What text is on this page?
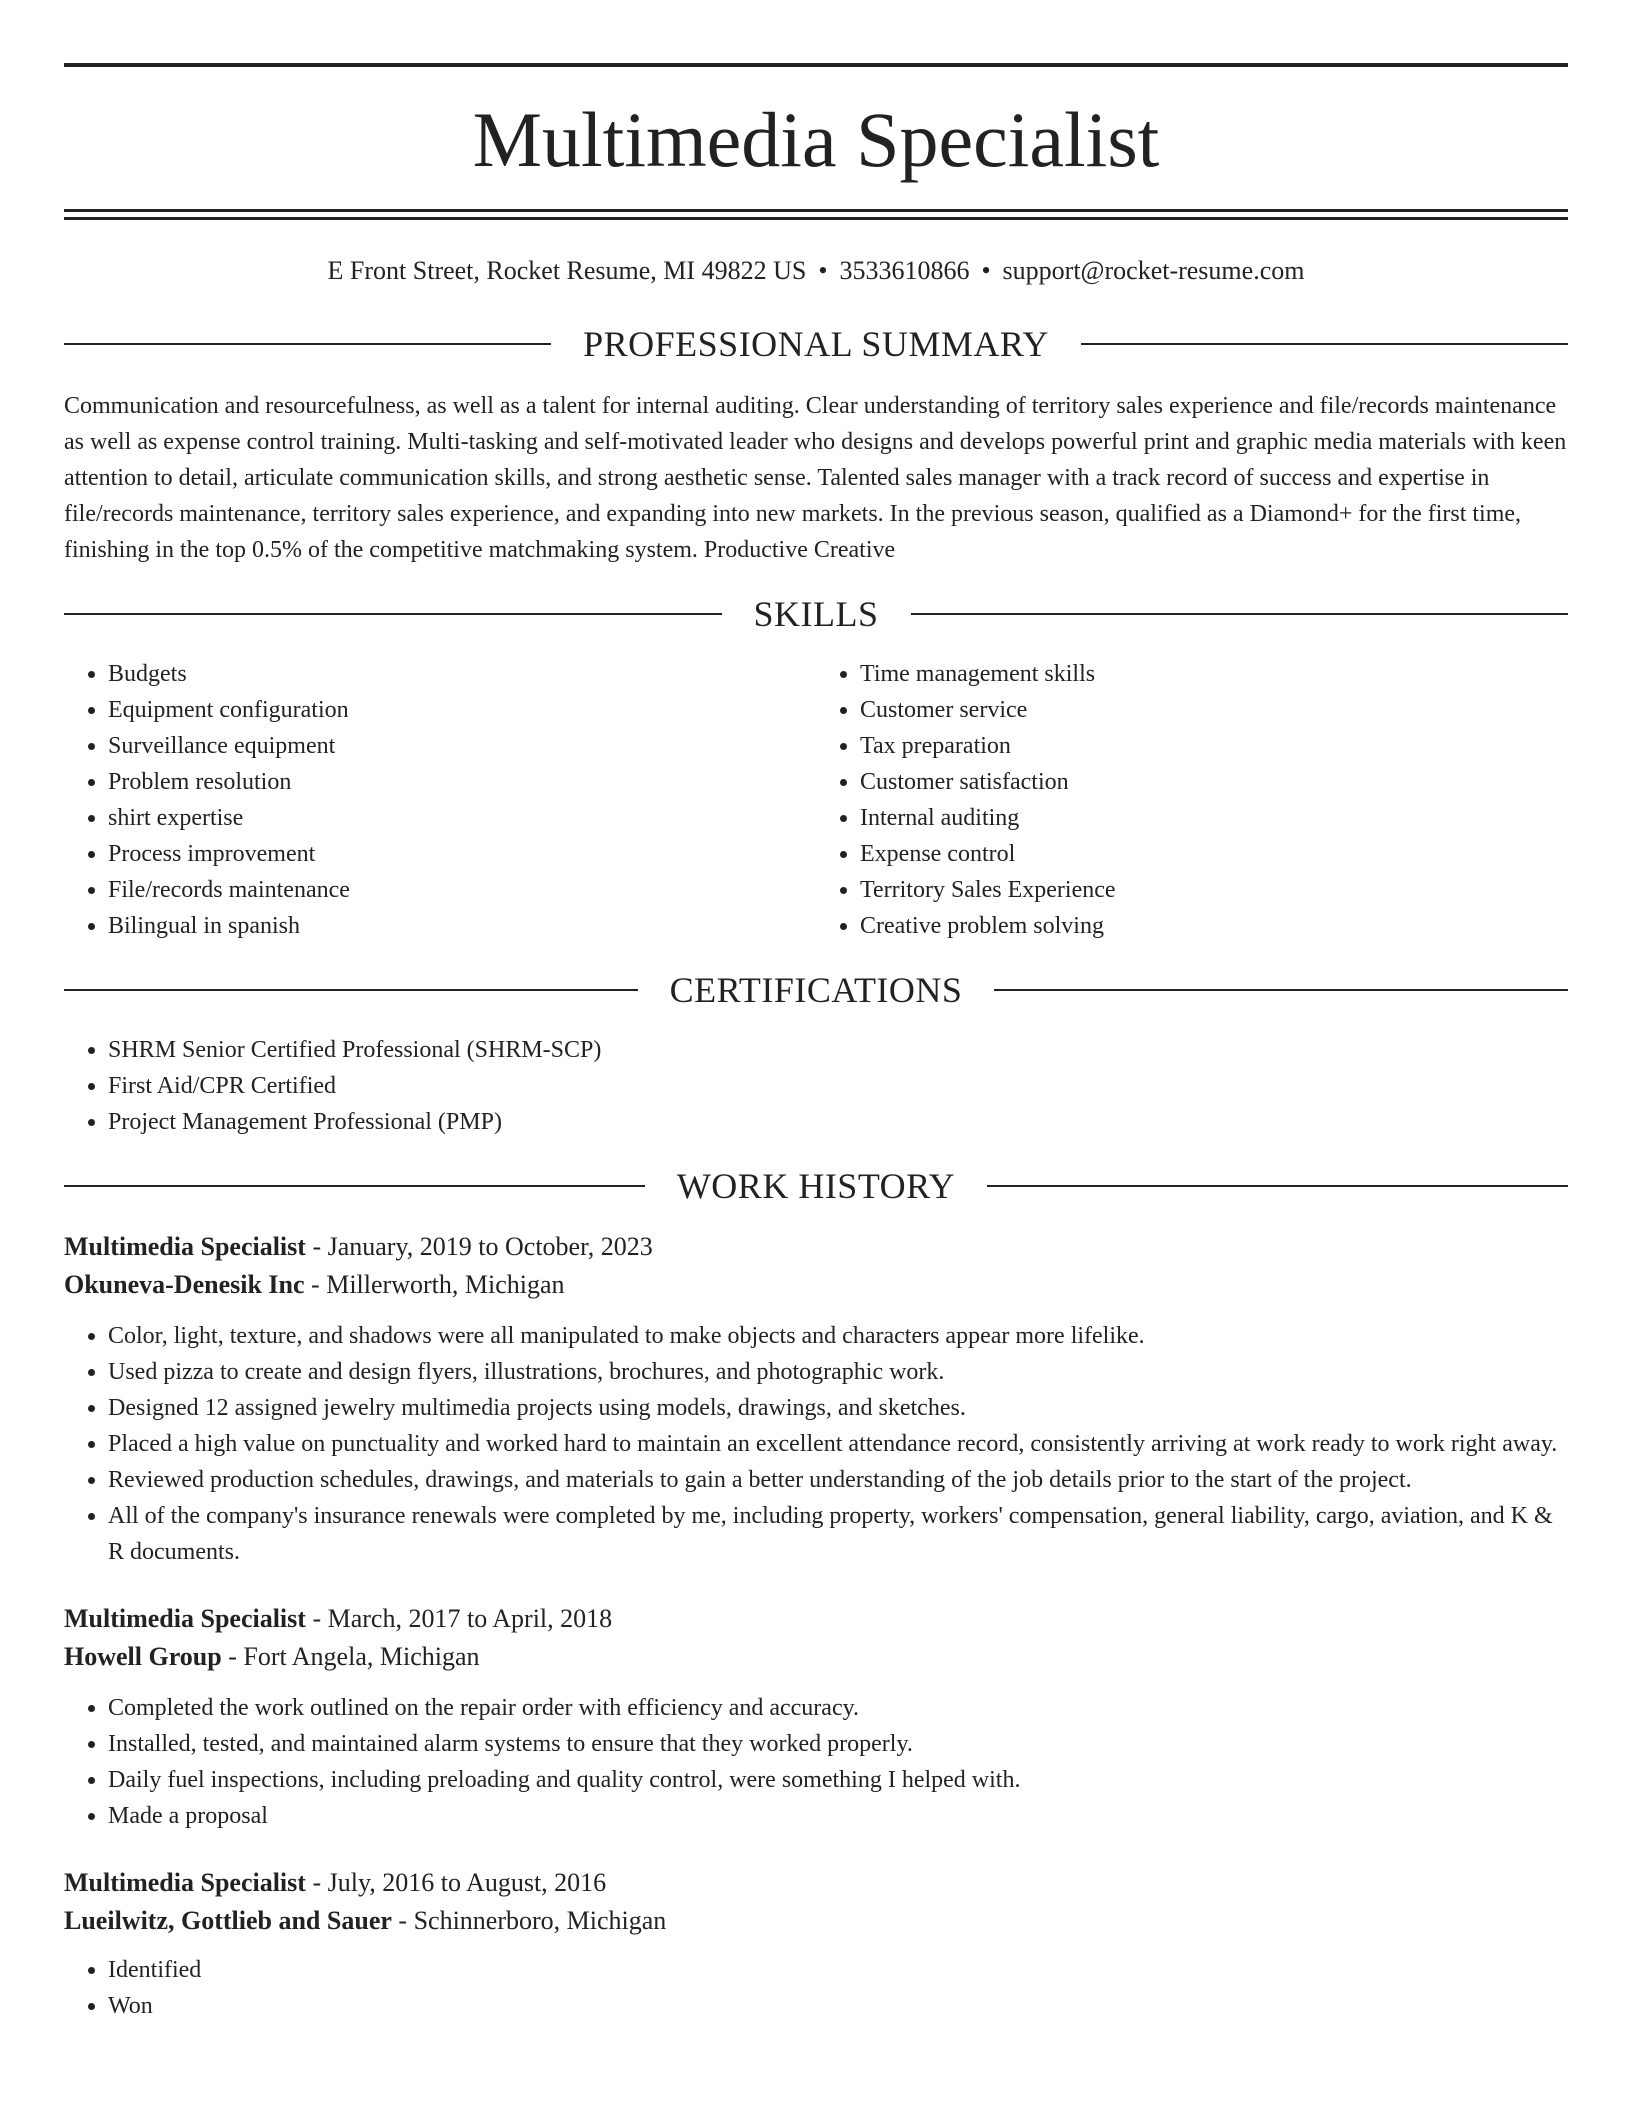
Multimedia Specialist
E Front Street, Rocket Resume, MI 49822 US • 3533610866 • support@rocket-resume.com
PROFESSIONAL SUMMARY

Communication and resourcefulness, as well as a talent for internal auditing. Clear understanding of territory sales experience and file/records maintenance as well as expense control training. Multi-tasking and self-motivated leader who designs and develops powerful print and graphic media materials with keen attention to detail, articulate communication skills, and strong aesthetic sense. Talented sales manager with a track record of success and expertise in file/records maintenance, territory sales experience, and expanding into new markets. In the previous season, qualified as a Diamond+ for the first time, finishing in the top 0.5% of the competitive matchmaking system. Productive Creative

SKILLS
• Budgets
• Equipment configuration
• Surveillance equipment
• Problem resolution
• shirt expertise
• Process improvement
• File/records maintenance
• Bilingual in spanish
• Time management skills
• Customer service
• Tax preparation
• Customer satisfaction
• Internal auditing
• Expense control
• Territory Sales Experience
• Creative problem solving
CERTIFICATIONS
• SHRM Senior Certified Professional (SHRM-SCP)
• First Aid/CPR Certified
• Project Management Professional (PMP)
WORK HISTORY
Multimedia Specialist - January, 2019 to October, 2023
Okuneva-Denesik Inc - Millerworth, Michigan
• Color, light, texture, and shadows were all manipulated to make objects and characters appear more lifelike.
• Used pizza to create and design flyers, illustrations, brochures, and photographic work.
• Designed 12 assigned jewelry multimedia projects using models, drawings, and sketches.
• Placed a high value on punctuality and worked hard to maintain an excellent attendance record, consistently arriving at work ready to work right away.
• Reviewed production schedules, drawings, and materials to gain a better understanding of the job details prior to the start of the project.
• All of the company's insurance renewals were completed by me, including property, workers' compensation, general liability, cargo, aviation, and K & R documents.
Multimedia Specialist - March, 2017 to April, 2018
Howell Group - Fort Angela, Michigan
• Completed the work outlined on the repair order with efficiency and accuracy.
• Installed, tested, and maintained alarm systems to ensure that they worked properly.
• Daily fuel inspections, including preloading and quality control, were something I helped with.
• Made a proposal
Multimedia Specialist - July, 2016 to August, 2016
Lueilwitz, Gottlieb and Sauer - Schinnerboro, Michigan
• Identified
• Won
